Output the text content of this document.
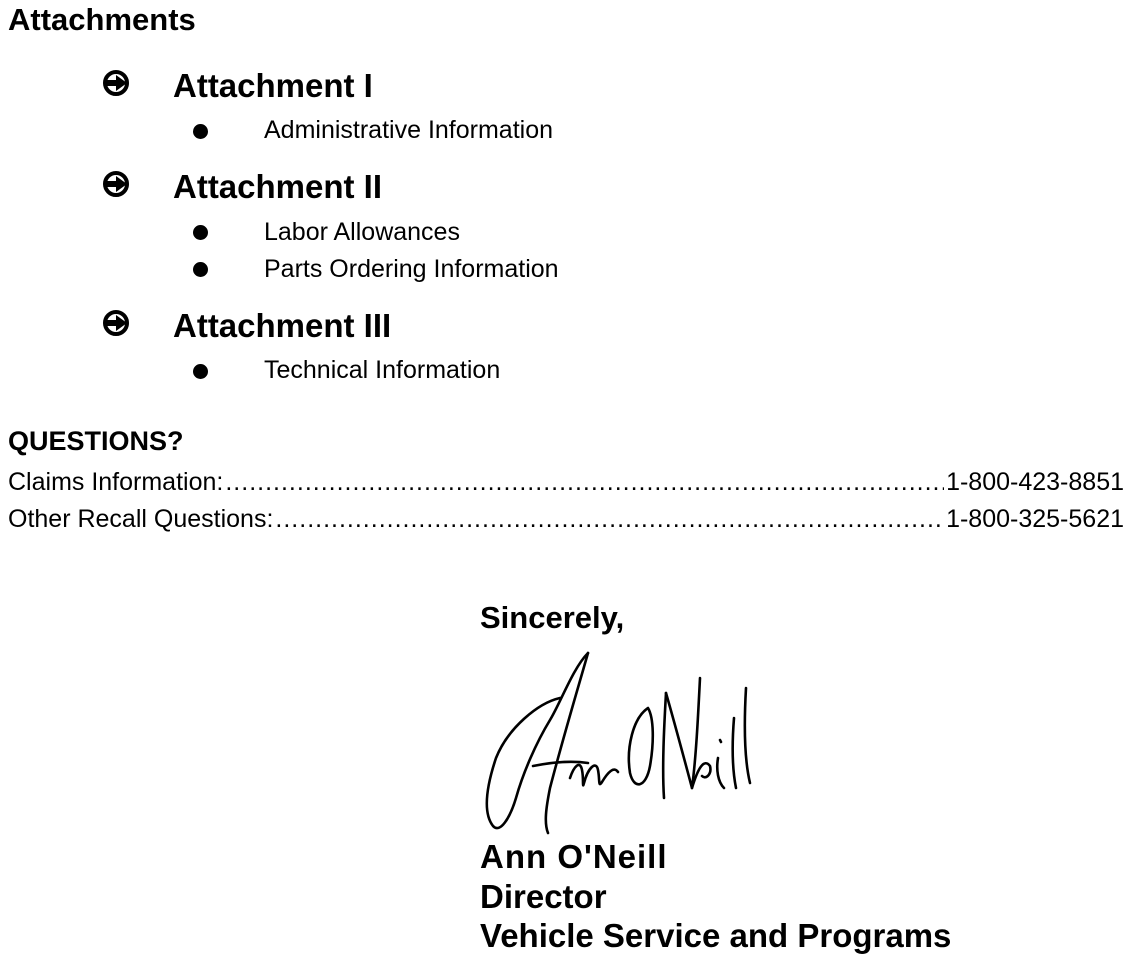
Attachments
Attachment I
Administrative Information
Attachment II
Labor Allowances
Parts Ordering Information
Attachment III
Technical Information
QUESTIONS?
Claims Information: .....	1-800-423-8851
Other Recall Questions: .....	1-800-325-5621
Sincerely,
Ann O'Neill
Director
Vehicle Service and Programs
